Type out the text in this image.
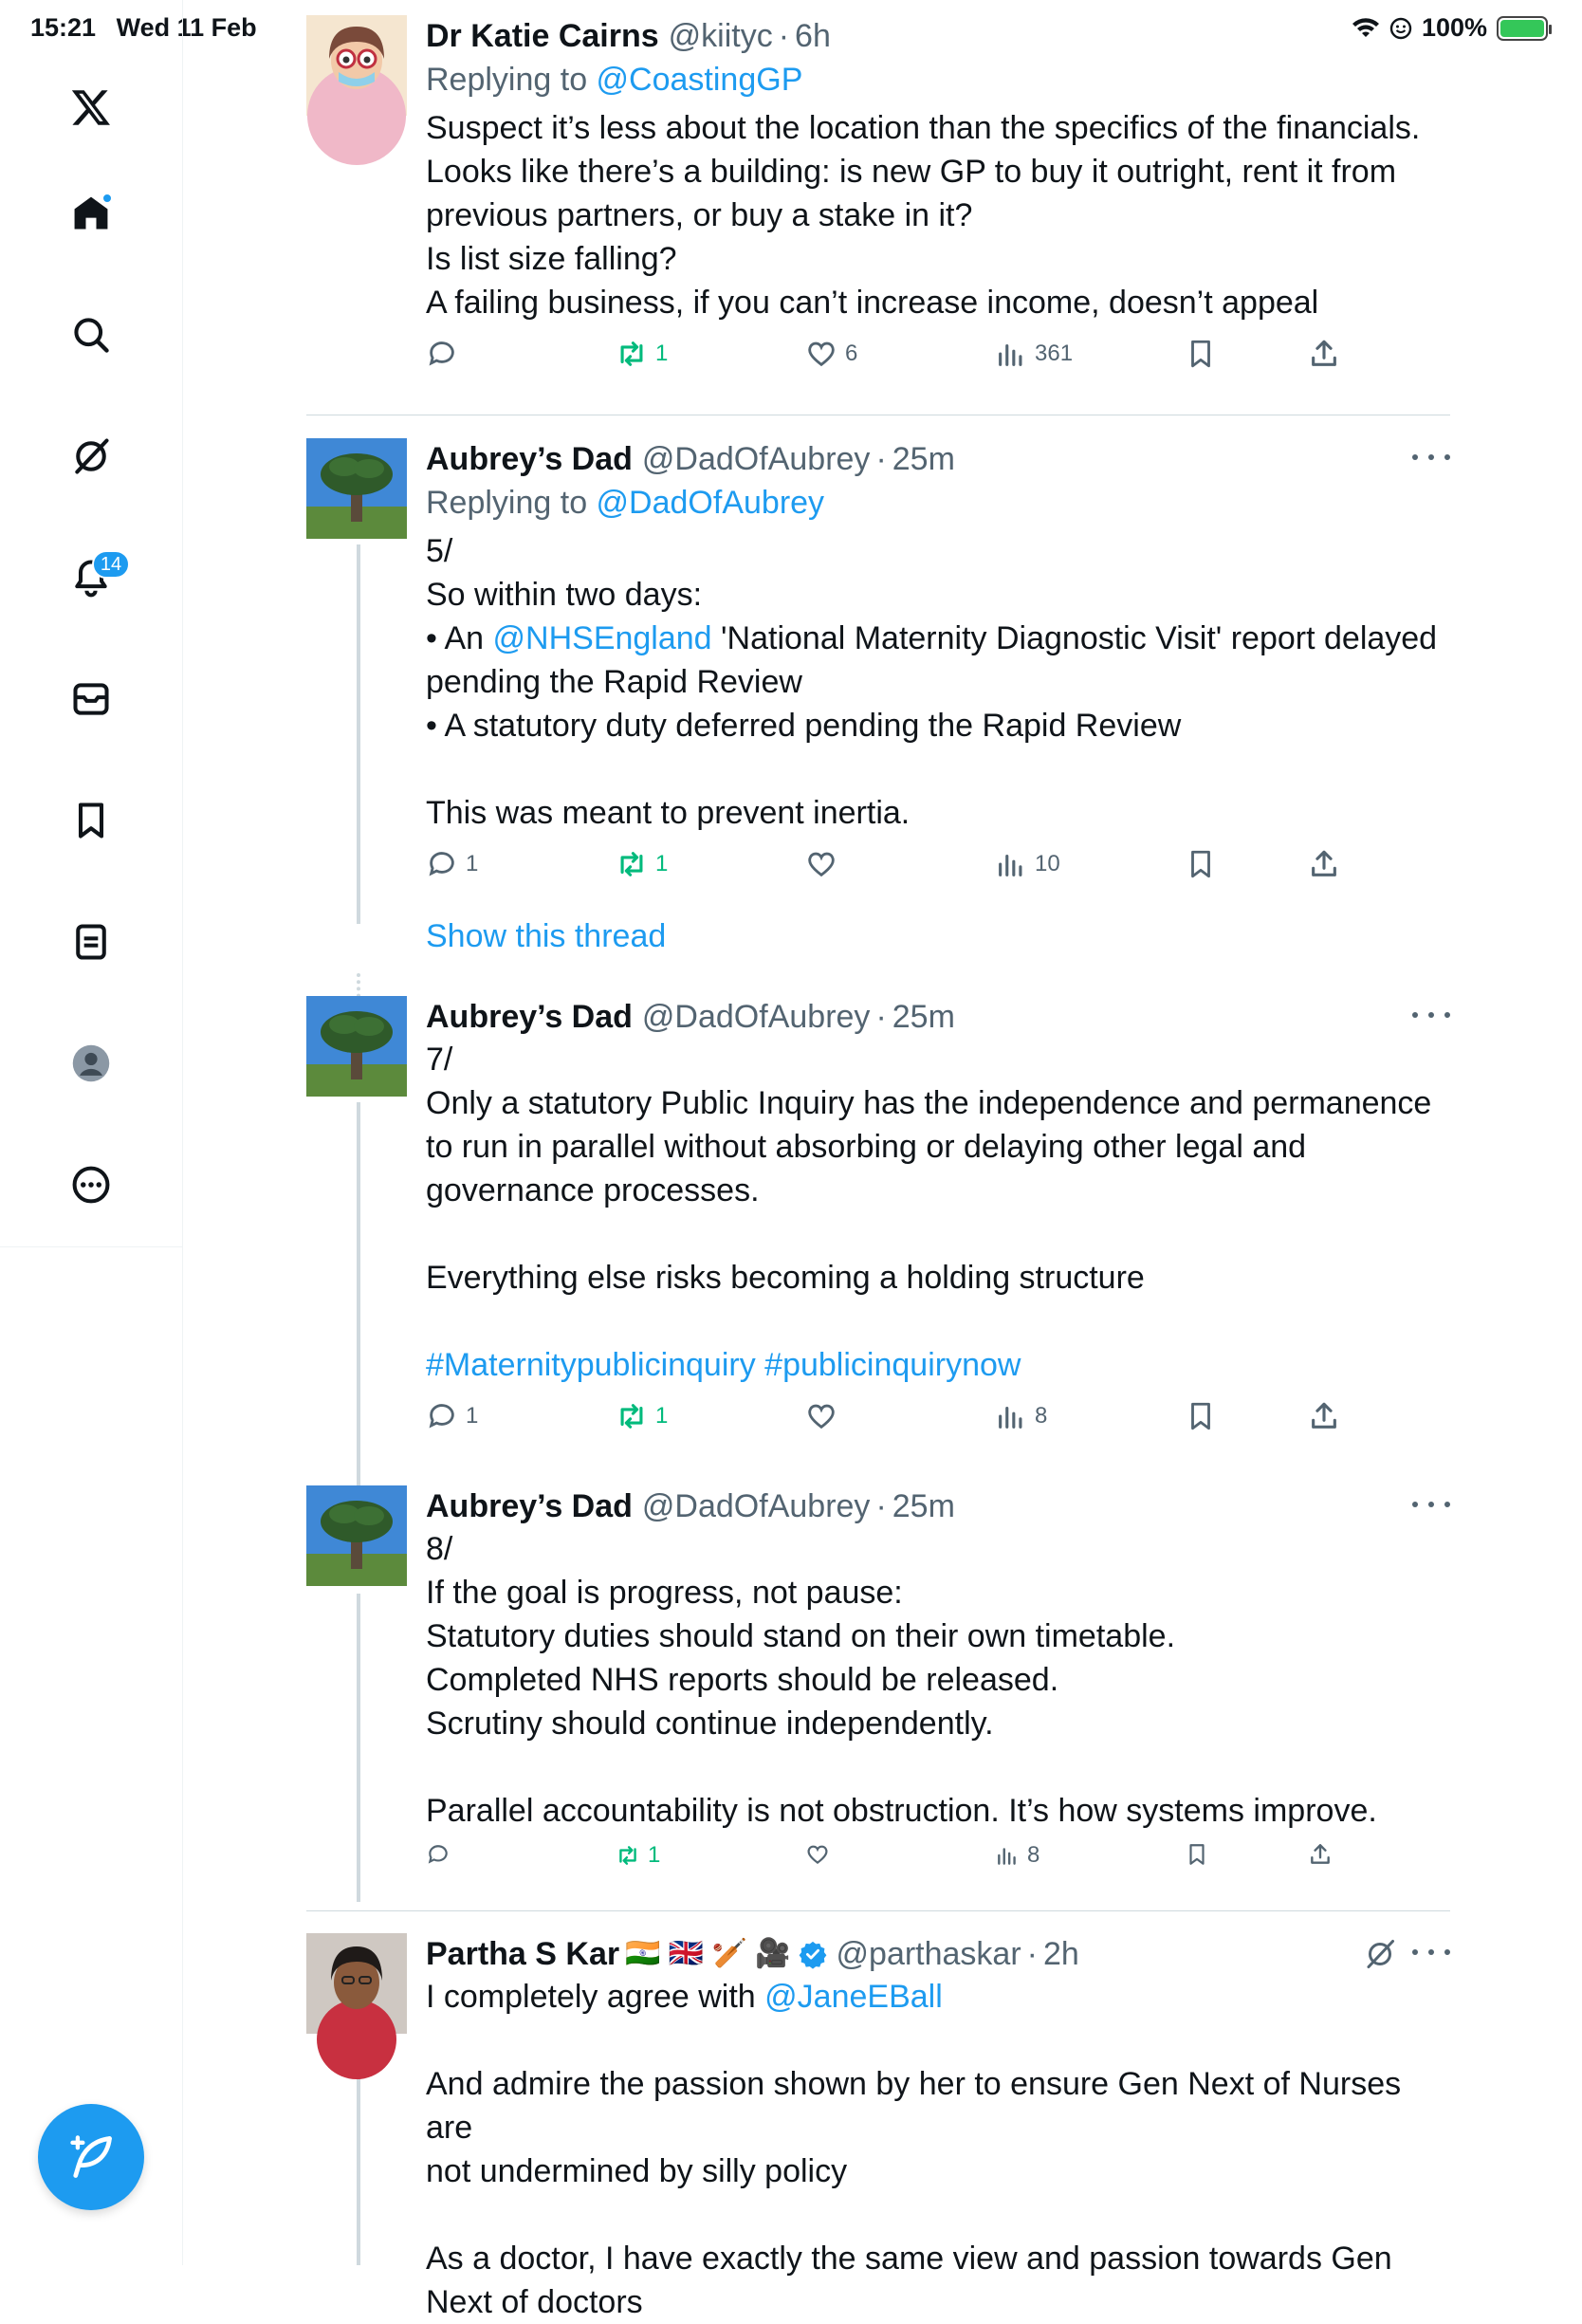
15:21 Wed 11 Feb	100%
14
Dr Katie Cairns @kiityc · 6h
Replying to @CoastingGP

Suspect it’s less about the location than the specifics of the financials.

Looks like there’s a building: is new GP to buy it outright, rent it from

previous partners, or buy a stake in it?

Is list size falling?

A failing business, if you can’t increase income, doesn’t appeal

1	6	361
Aubrey’s Dad @DadOfAubrey · 25m
Replying to @DadOfAubrey

5/

So within two days:

• An @NHSEngland 'National Maternity Diagnostic Visit' report delayed

pending the Rapid Review

• A statutory duty deferred pending the Rapid Review

This was meant to prevent inertia.

1	1	10
Show this thread
Aubrey’s Dad @DadOfAubrey · 25m

7/

Only a statutory Public Inquiry has the independence and permanence

to run in parallel without absorbing or delaying other legal and

governance processes.

Everything else risks becoming a holding structure

#Maternitypublicinquiry #publicinquirynow

1	1	8
Aubrey’s Dad @DadOfAubrey · 25m

8/

If the goal is progress, not pause:

Statutory duties should stand on their own timetable.

Completed NHS reports should be released.

Scrutiny should continue independently.

Parallel accountability is not obstruction. It’s how systems improve.

1	8
Partha S Kar 🇮🇳 🇬🇧 🏏 🎥 @parthaskar · 2h

I completely agree with @JaneEBall

And admire the passion shown by her to ensure Gen Next of Nurses are

not undermined by silly policy

As a doctor, I have exactly the same view and passion towards Gen

Next of doctors
